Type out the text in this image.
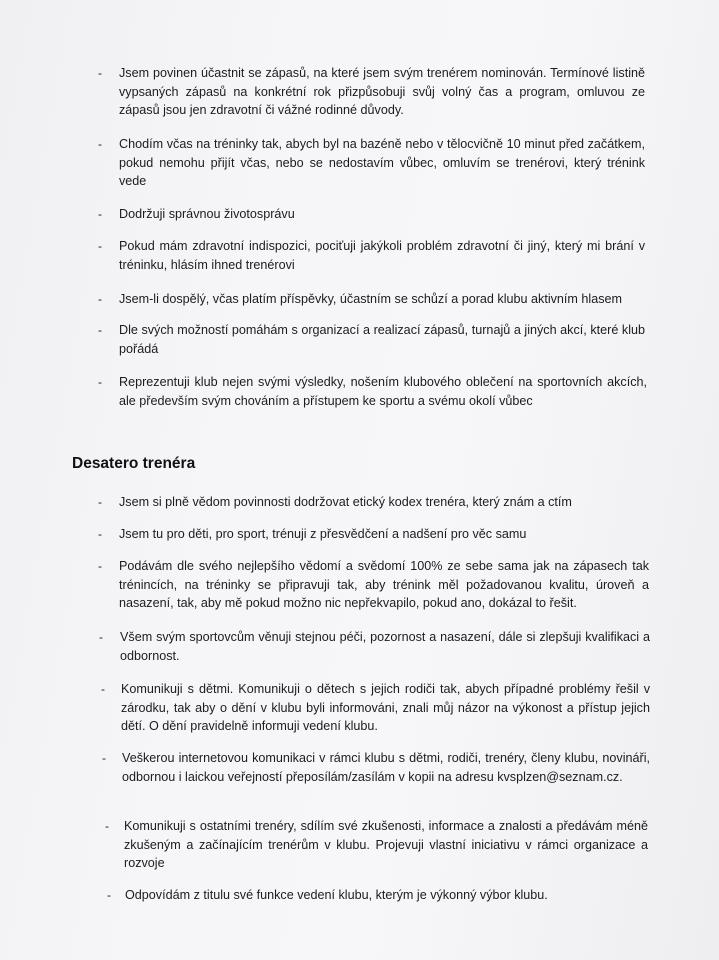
- Jsem povinen účastnit se zápasů, na které jsem svým trenérem nominován. Termínové listině vypsaných zápasů na konkrétní rok přizpůsobuji svůj volný čas a program, omluvou ze zápasů jsou jen zdravotní či vážné rodinné důvody.
- Chodím včas na tréninky tak, abych byl na bazéně nebo v tělocvičně 10 minut před začátkem, pokud nemohu přijít včas, nebo se nedostavím vůbec, omluvím se trenérovi, který trénink vede
- Dodržuji správnou životosprávu
- Pokud mám zdravotní indispozici, pociťuji jakýkoli problém zdravotní či jiný, který mi brání v tréninku, hlásím ihned trenérovi
- Jsem-li dospělý, včas platím příspěvky, účastním se schůzí a porad klubu aktivním hlasem
- Dle svých možností pomáhám s organizací a realizací zápasů, turnajů a jiných akcí, které klub pořádá
- Reprezentuji klub nejen svými výsledky, nošením klubového oblečení na sportovních akcích, ale především svým chováním a přístupem ke sportu a svému okolí vůbec
Desatero trenéra
- Jsem si plně vědom povinnosti dodržovat etický kodex trenéra, který znám a ctím
- Jsem tu pro děti, pro sport, trénuji z přesvědčení a nadšení pro věc samu
- Podávám dle svého nejlepšího vědomí a svědomí 100% ze sebe sama jak na zápasech tak trénincích, na tréninky se připravuji tak, aby trénink měl požadovanou kvalitu, úroveň a nasazení, tak, aby mě pokud možno nic nepřekvapilo, pokud ano, dokázal to řešit.
- Všem svým sportovcům věnuji stejnou péči, pozornost a nasazení, dále si zlepšuji kvalifikaci a odbornost.
- Komunikuji s dětmi. Komunikuji o dětech s jejich rodiči tak, abych případné problémy řešil v zárodku, tak aby o dění v klubu byli informováni, znali můj názor na výkonost a přístup jejich dětí. O dění pravidelně informuji vedení klubu.
- Veškerou internetovou komunikaci v rámci klubu s dětmi, rodiči, trenéry, členy klubu, novináři, odbornou i laickou veřejností přeposílám/zasílám v kopii na adresu kvsplzen@seznam.cz.
- Komunikuji s ostatními trenéry, sdílím své zkušenosti, informace a znalosti a předávám méně zkušeným a začínajícím trenérům v klubu. Projevuji vlastní iniciativu v rámci organizace a rozvoje
- Odpovídám z titulu své funkce vedení klubu, kterým je výkonný výbor klubu.
